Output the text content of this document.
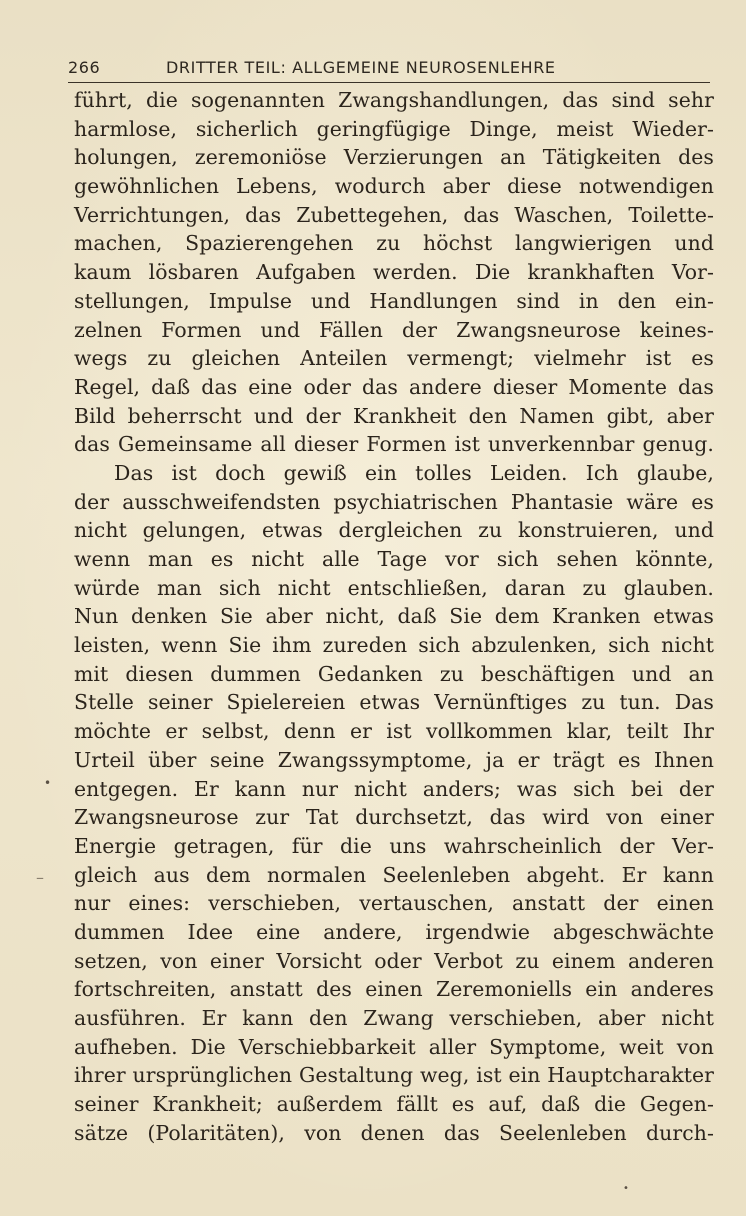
266	DRITTER TEIL: ALLGEMEINE NEUROSENLEHRE
führt, die sogenannten Zwangshandlungen, das sind sehr
harmlose, sicherlich geringfügige Dinge, meist Wieder-
holungen, zeremoniöse Verzierungen an Tätigkeiten des
gewöhnlichen Lebens, wodurch aber diese notwendigen
Verrichtungen, das Zubettegehen, das Waschen, Toilette-
machen, Spazierengehen zu höchst langwierigen und
kaum lösbaren Aufgaben werden. Die krankhaften Vor-
stellungen, Impulse und Handlungen sind in den ein-
zelnen Formen und Fällen der Zwangsneurose keines-
wegs zu gleichen Anteilen vermengt; vielmehr ist es
Regel, daß das eine oder das andere dieser Momente das
Bild beherrscht und der Krankheit den Namen gibt, aber
das Gemeinsame all dieser Formen ist unverkennbar genug.
Das ist doch gewiß ein tolles Leiden. Ich glaube,
der ausschweifendsten psychiatrischen Phantasie wäre es
nicht gelungen, etwas dergleichen zu konstruieren, und
wenn man es nicht alle Tage vor sich sehen könnte,
würde man sich nicht entschließen, daran zu glauben.
Nun denken Sie aber nicht, daß Sie dem Kranken etwas
leisten, wenn Sie ihm zureden sich abzulenken, sich nicht
mit diesen dummen Gedanken zu beschäftigen und an
Stelle seiner Spielereien etwas Vernünftiges zu tun. Das
möchte er selbst, denn er ist vollkommen klar, teilt Ihr
Urteil über seine Zwangssymptome, ja er trägt es Ihnen
entgegen. Er kann nur nicht anders; was sich bei der
Zwangsneurose zur Tat durchsetzt, das wird von einer
Energie getragen, für die uns wahrscheinlich der Ver-
gleich aus dem normalen Seelenleben abgeht. Er kann
nur eines: verschieben, vertauschen, anstatt der einen
dummen Idee eine andere, irgendwie abgeschwächte
setzen, von einer Vorsicht oder Verbot zu einem anderen
fortschreiten, anstatt des einen Zeremoniells ein anderes
ausführen. Er kann den Zwang verschieben, aber nicht
aufheben. Die Verschiebbarkeit aller Symptome, weit von
ihrer ursprünglichen Gestaltung weg, ist ein Hauptcharakter
seiner Krankheit; außerdem fällt es auf, daß die Gegen-
sätze (Polaritäten), von denen das Seelenleben durch-
•
–
•
